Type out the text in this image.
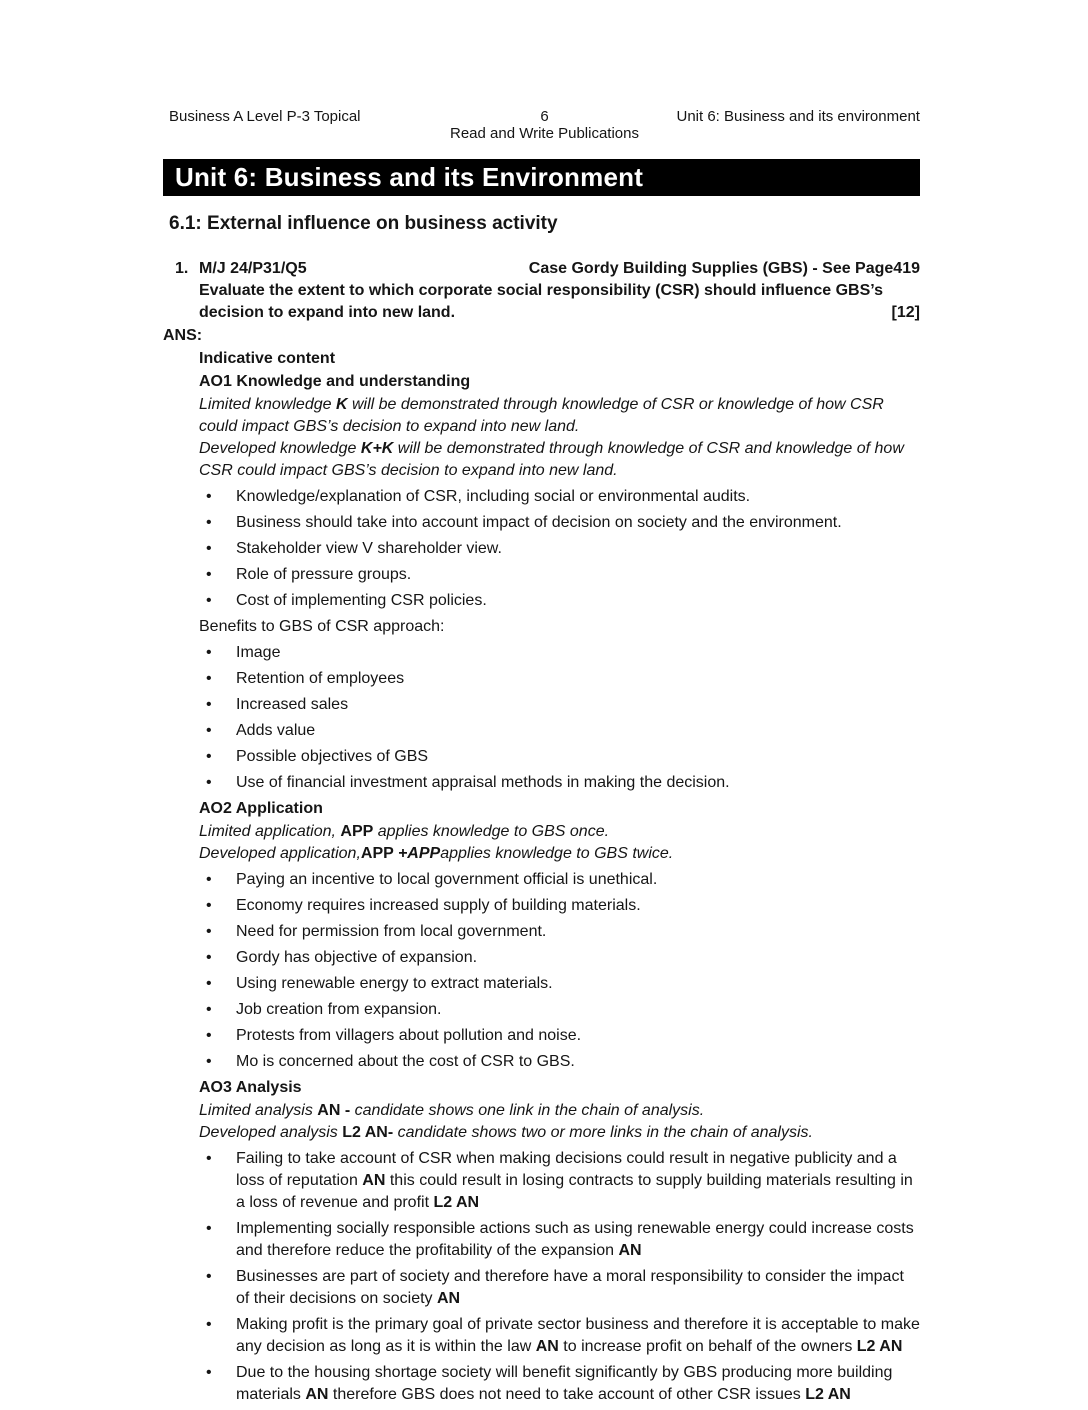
Business A Level P-3 Topical	6
Read and Write Publications
Unit 6: Business and its environment
Unit 6: Business and its Environment
6.1: External influence on business activity
1. M/J 24/P31/Q5	Case Gordy Building Supplies (GBS) - See Page419
Evaluate the extent to which corporate social responsibility (CSR) should influence GBS’s decision to expand into new land.	[12]
ANS:
Indicative content
AO1 Knowledge and understanding
Limited knowledge K will be demonstrated through knowledge of CSR or knowledge of how CSR could impact GBS’s decision to expand into new land.
Developed knowledge K+K will be demonstrated through knowledge of CSR and knowledge of how CSR could impact GBS’s decision to expand into new land.
•	Knowledge/explanation of CSR, including social or environmental audits.
•	Business should take into account impact of decision on society and the environment.
•	Stakeholder view V shareholder view.
•	Role of pressure groups.
•	Cost of implementing CSR policies.
Benefits to GBS of CSR approach:
•	Image
•	Retention of employees
•	Increased sales
•	Adds value
•	Possible objectives of GBS
•	Use of financial investment appraisal methods in making the decision.
AO2 Application
Limited application, APP applies knowledge to GBS once.
Developed application,APP +APPapplies knowledge to GBS twice.
•	Paying an incentive to local government official is unethical.
•	Economy requires increased supply of building materials.
•	Need for permission from local government.
•	Gordy has objective of expansion.
•	Using renewable energy to extract materials.
•	Job creation from expansion.
•	Protests from villagers about pollution and noise.
•	Mo is concerned about the cost of CSR to GBS.
AO3 Analysis
Limited analysis AN - candidate shows one link in the chain of analysis.
Developed analysis L2 AN- candidate shows two or more links in the chain of analysis.
•	Failing to take account of CSR when making decisions could result in negative publicity and a loss of reputation AN this could result in losing contracts to supply building materials resulting in a loss of revenue and profit L2 AN
•	Implementing socially responsible actions such as using renewable energy could increase costs and therefore reduce the profitability of the expansion AN
•	Businesses are part of society and therefore have a moral responsibility to consider the impact of their decisions on society AN
•	Making profit is the primary goal of private sector business and therefore it is acceptable to make any decision as long as it is within the law AN to increase profit on behalf of the owners L2 AN
•	Due to the housing shortage society will benefit significantly by GBS producing more building materials AN therefore GBS does not need to take account of other CSR issues L2 AN
